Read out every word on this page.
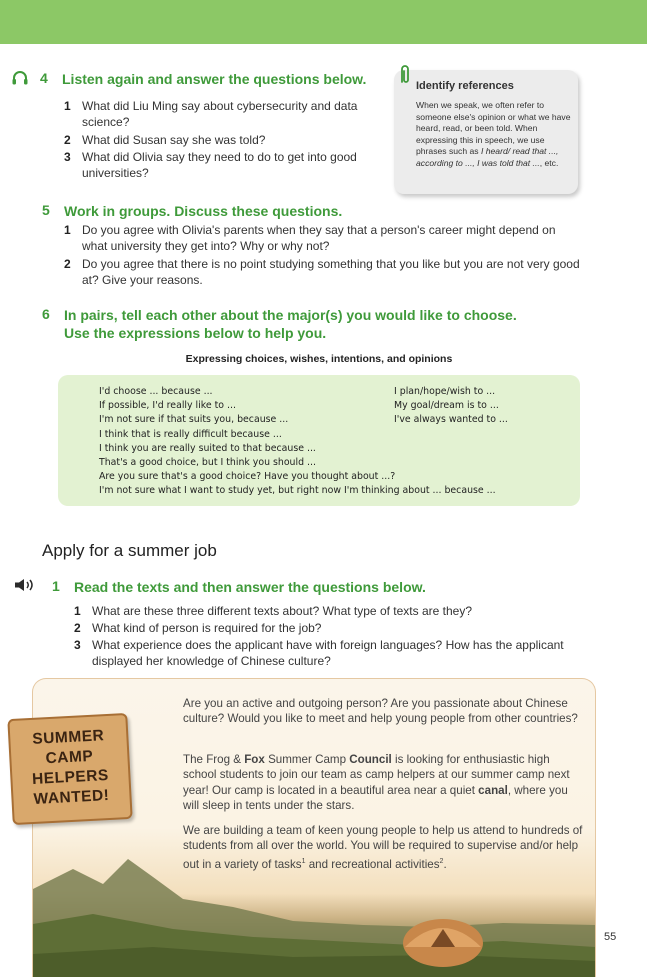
4 Listen again and answer the questions below.
1 What did Liu Ming say about cybersecurity and data science?
2 What did Susan say she was told?
3 What did Olivia say they need to do to get into good universities?
Identify references
When we speak, we often refer to someone else's opinion or what we have heard, read, or been told. When expressing this in speech, we use phrases such as I heard/ read that ..., according to ..., I was told that ..., etc.
5 Work in groups. Discuss these questions.
1 Do you agree with Olivia's parents when they say that a person's career might depend on what university they get into? Why or why not?
2 Do you agree that there is no point studying something that you like but you are not very good at? Give your reasons.
6 In pairs, tell each other about the major(s) you would like to choose. Use the expressions below to help you.
Expressing choices, wishes, intentions, and opinions
I'd choose ... because ...
If possible, I'd really like to ...
I'm not sure if that suits you, because ...
I think that is really difficult because ...
I think you are really suited to that because ...
That's a good choice, but I think you should ...
Are you sure that's a good choice? Have you thought about ...?
I'm not sure what I want to study yet, but right now I'm thinking about ... because ...
I plan/hope/wish to ...
My goal/dream is to ...
I've always wanted to ...
Apply for a summer job
1 Read the texts and then answer the questions below.
1 What are these three different texts about? What type of texts are they?
2 What kind of person is required for the job?
3 What experience does the applicant have with foreign languages? How has the applicant displayed her knowledge of Chinese culture?
Are you an active and outgoing person? Are you passionate about Chinese culture? Would you like to meet and help young people from other countries?
The Frog & Fox Summer Camp Council is looking for enthusiastic high school students to join our team as camp helpers at our summer camp next year! Our camp is located in a beautiful area near a quiet canal, where you will sleep in tents under the stars.
We are building a team of keen young people to help us attend to hundreds of students from all over the world. You will be required to supervise and/or help out in a variety of tasks$^1$ and recreational activities$^2$.
SUMMER
CAMP
HELPERS
WANTED!
55
